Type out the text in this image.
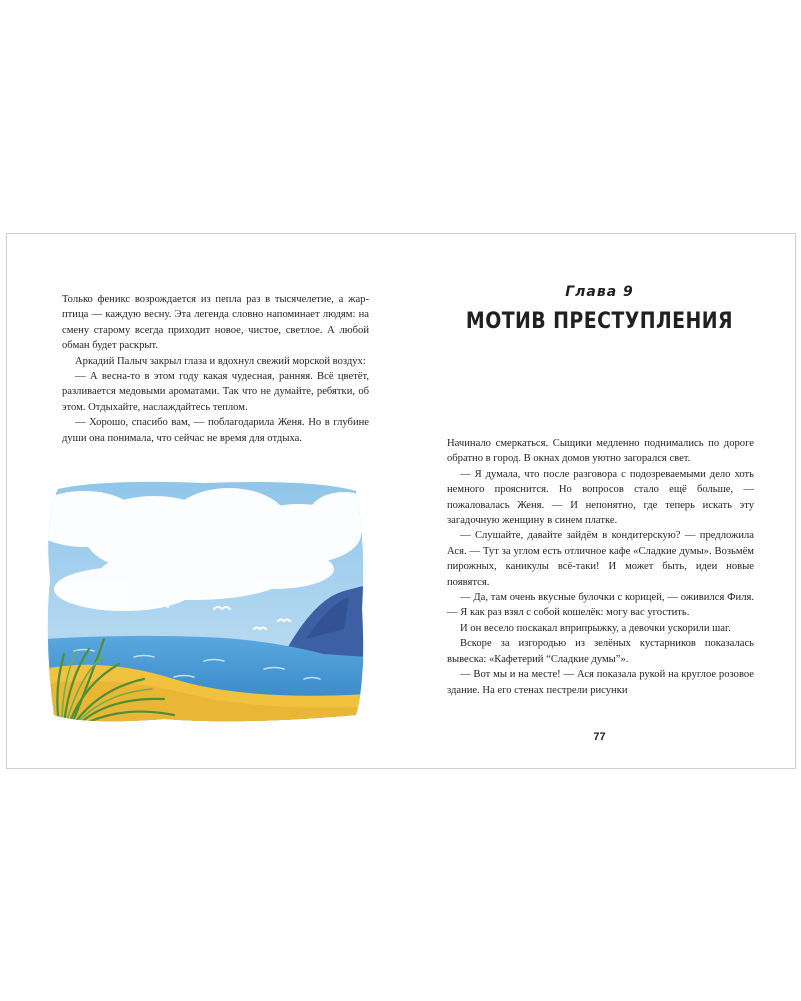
Только феникс возрождается из пепла раз в тысячелетие, а жар-птица — каждую весну. Эта легенда словно напоминает людям: на смену старому всегда приходит новое, чистое, светлое. А любой обман будет раскрыт.

Аркадий Палыч закрыл глаза и вдохнул свежий морской воздух:

— А весна-то в этом году какая чудесная, ранняя. Всё цветёт, разливается медовыми ароматами. Так что не думайте, ребятки, об этом. Отдыхайте, наслаждайтесь теплом.

— Хорошо, спасибо вам, — поблагодарила Женя. Но в глубине души она понимала, что сейчас не время для отдыха.

Глава 9
МОТИВ ПРЕСТУПЛЕНИЯ

Начинало смеркаться. Сыщики медленно поднимались по дороге обратно в город. В окнах домов уютно загорался свет.

— Я думала, что после разговора с подозреваемыми дело хоть немного прояснится. Но вопросов стало ещё больше, — пожаловалась Женя. — И непонятно, где теперь искать эту загадочную женщину в синем платке.

— Слушайте, давайте зайдём в кондитерскую? — предложила Ася. — Тут за углом есть отличное кафе «Сладкие думы». Возьмём пирожных, каникулы всё-таки! И может быть, идеи новые появятся.

— Да, там очень вкусные булочки с корицей, — оживился Филя. — Я как раз взял с собой кошелёк: могу вас угостить.

И он весело поскакал вприпрыжку, а девочки ускорили шаг.

Вскоре за изгородью из зелёных кустарников показалась вывеска: «Кафетерий “Сладкие думы”».

— Вот мы и на месте! — Ася показала рукой на круглое розовое здание. На его стенах пестрели рисунки

77
